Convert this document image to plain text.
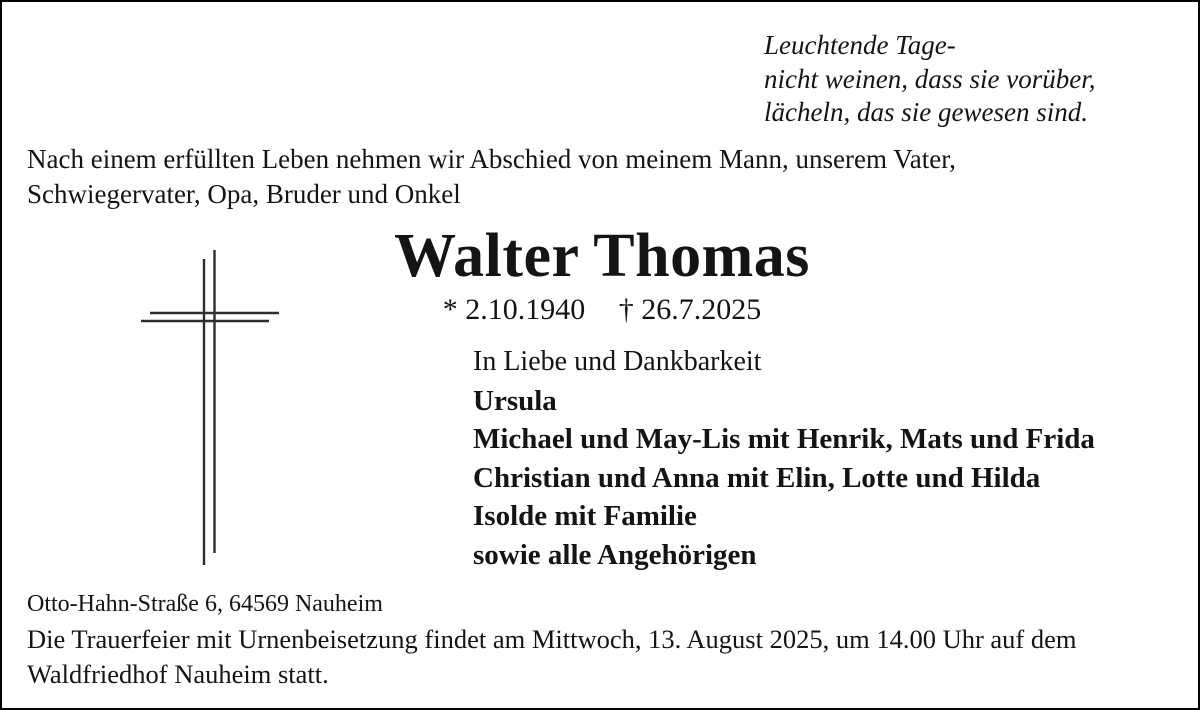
Leuchtende Tage-
nicht weinen, dass sie vorüber,
lächeln, das sie gewesen sind.
Nach einem erfüllten Leben nehmen wir Abschied von meinem Mann, unserem Vater, Schwiegervater, Opa, Bruder und Onkel
Walter Thomas
* 2.10.1940 † 26.7.2025
In Liebe und Dankbarkeit
Ursula
Michael und May-Lis mit Henrik, Mats und Frida
Christian und Anna mit Elin, Lotte und Hilda
Isolde mit Familie
sowie alle Angehörigen
Otto-Hahn-Straße 6, 64569 Nauheim
Die Trauerfeier mit Urnenbeisetzung findet am Mittwoch, 13. August 2025, um 14.00 Uhr auf dem Waldfriedhof Nauheim statt.
